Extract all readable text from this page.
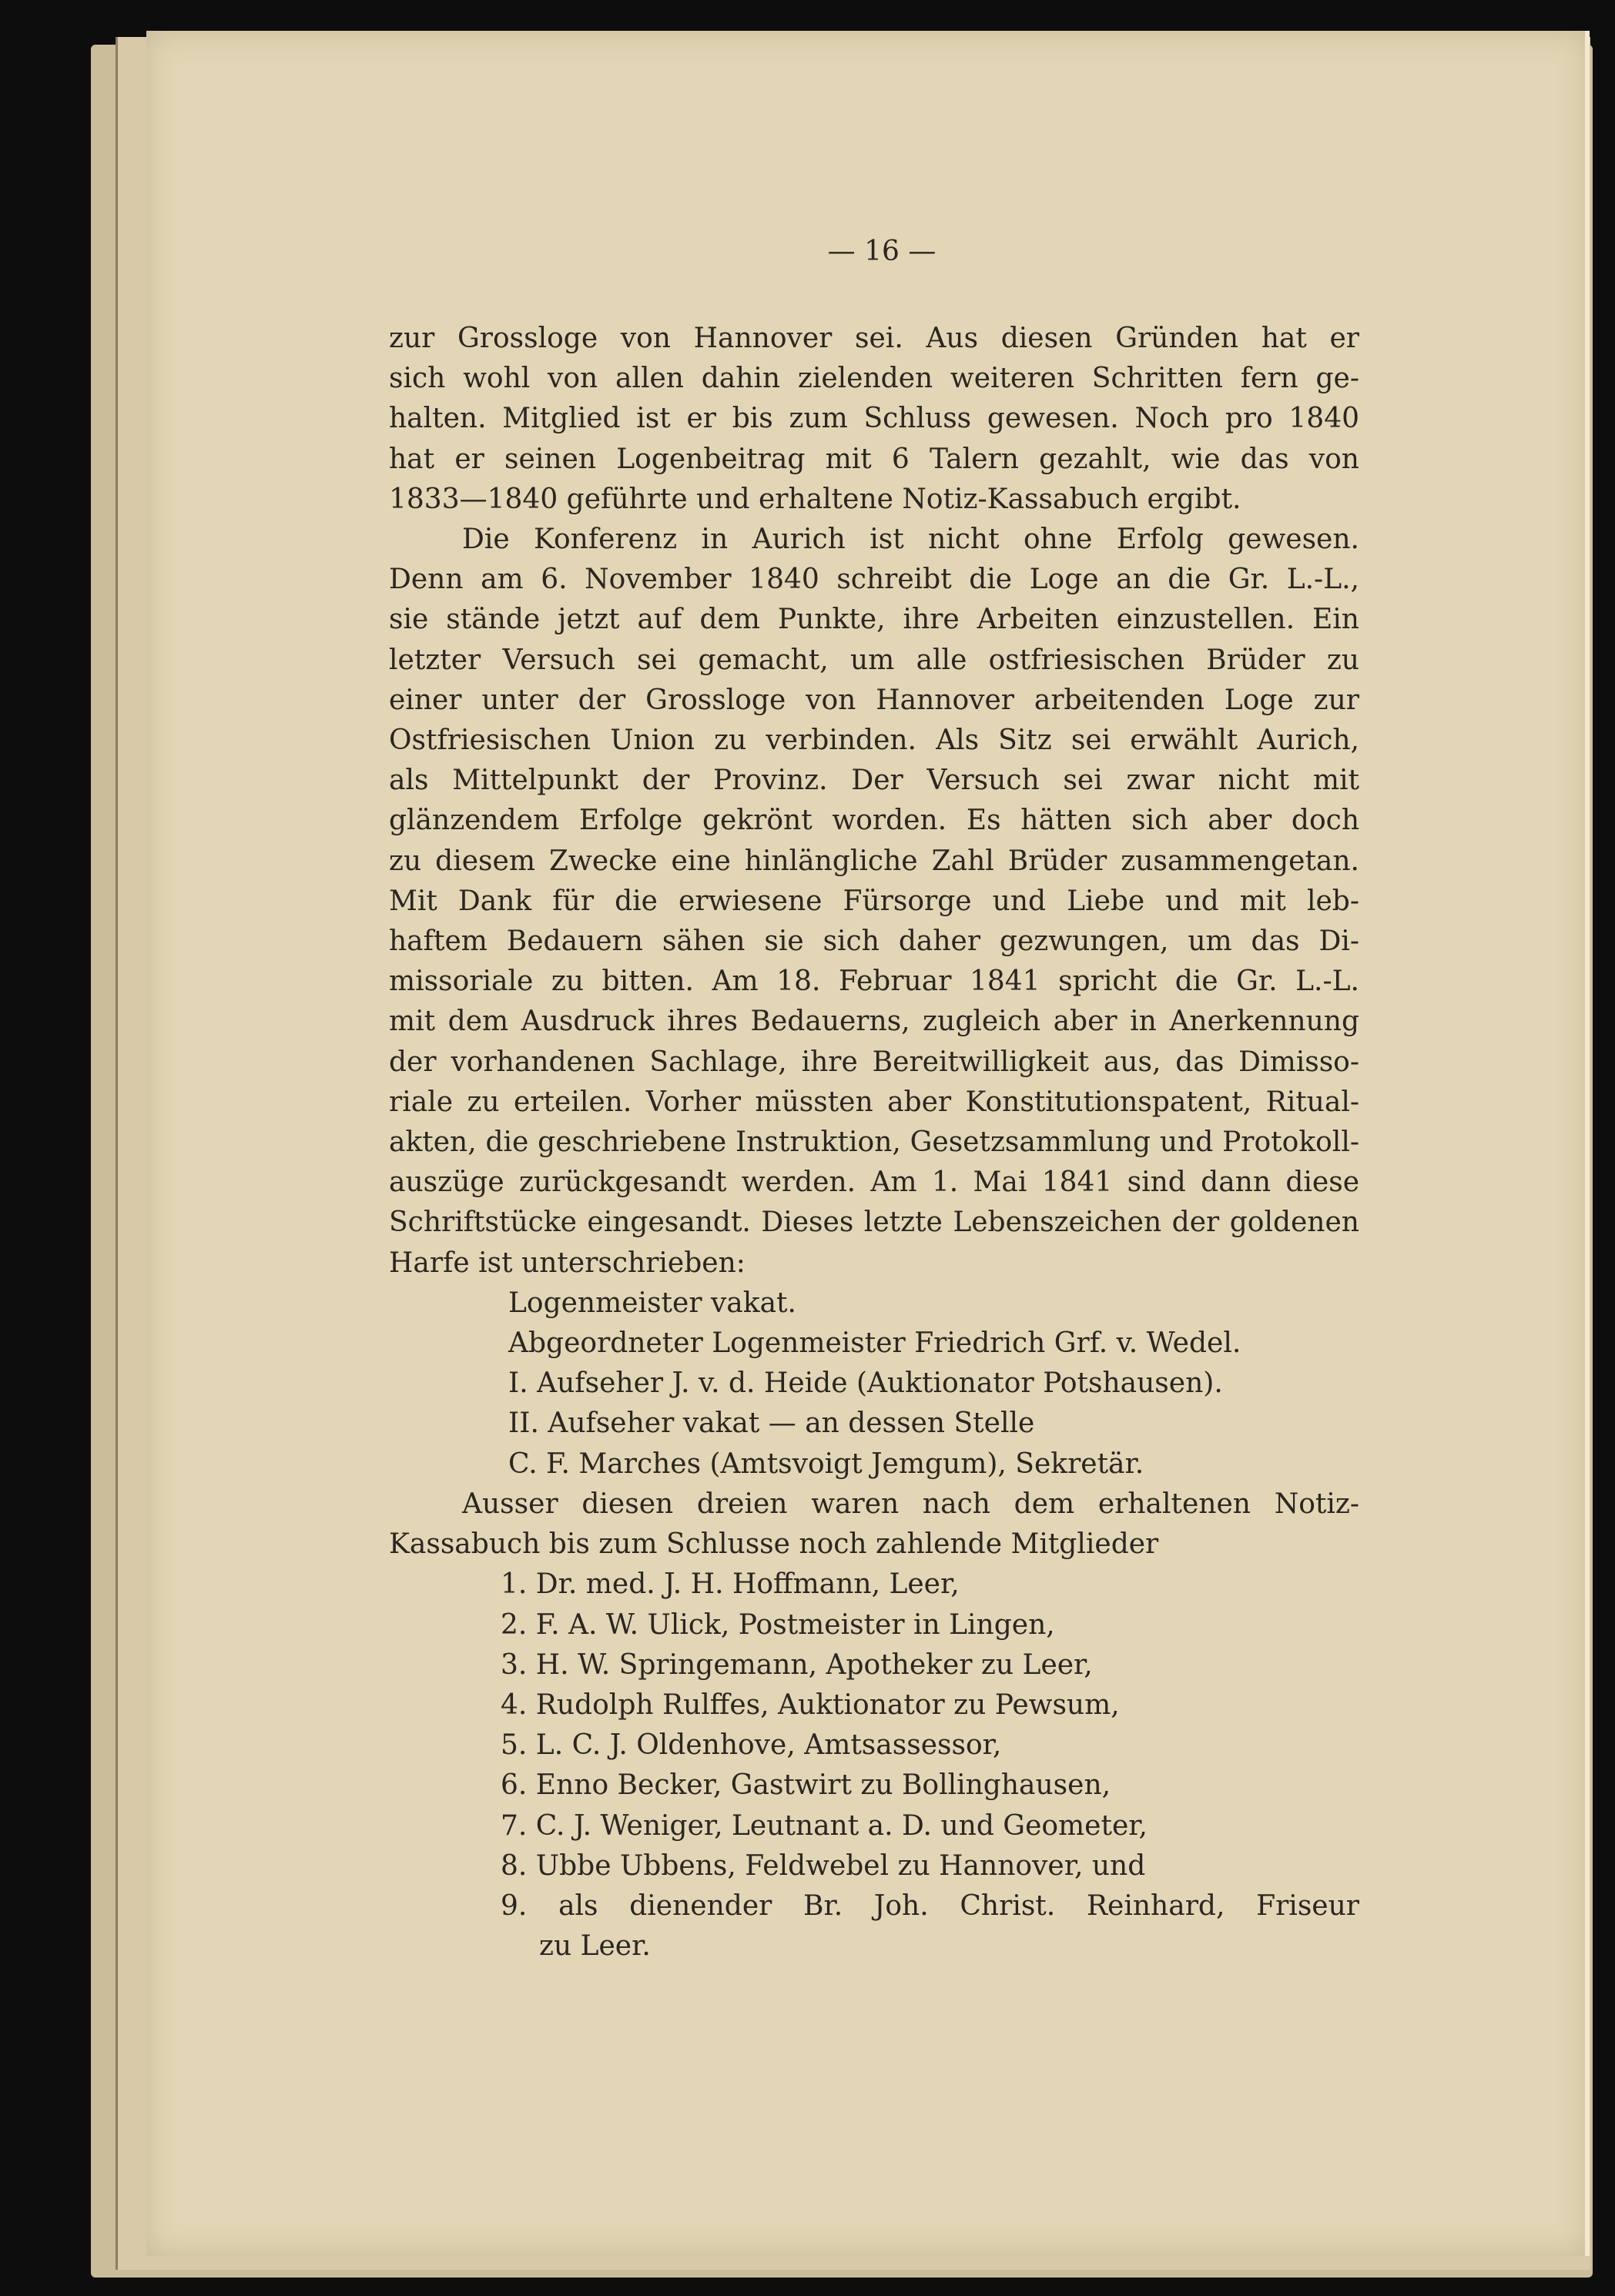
— 16 —
zur Grossloge von Hannover sei. Aus diesen Gründen hat er
sich wohl von allen dahin zielenden weiteren Schritten fern ge-
halten. Mitglied ist er bis zum Schluss gewesen. Noch pro 1840
hat er seinen Logenbeitrag mit 6 Talern gezahlt, wie das von
1833—1840 geführte und erhaltene Notiz-Kassabuch ergibt.
Die Konferenz in Aurich ist nicht ohne Erfolg gewesen.
Denn am 6. November 1840 schreibt die Loge an die Gr. L.-L.,
sie stände jetzt auf dem Punkte, ihre Arbeiten einzustellen. Ein
letzter Versuch sei gemacht, um alle ostfriesischen Brüder zu
einer unter der Grossloge von Hannover arbeitenden Loge zur
Ostfriesischen Union zu verbinden. Als Sitz sei erwählt Aurich,
als Mittelpunkt der Provinz. Der Versuch sei zwar nicht mit
glänzendem Erfolge gekrönt worden. Es hätten sich aber doch
zu diesem Zwecke eine hinlängliche Zahl Brüder zusammengetan.
Mit Dank für die erwiesene Fürsorge und Liebe und mit leb-
haftem Bedauern sähen sie sich daher gezwungen, um das Di-
missoriale zu bitten. Am 18. Februar 1841 spricht die Gr. L.-L.
mit dem Ausdruck ihres Bedauerns, zugleich aber in Anerkennung
der vorhandenen Sachlage, ihre Bereitwilligkeit aus, das Dimisso-
riale zu erteilen. Vorher müssten aber Konstitutionspatent, Ritual-
akten, die geschriebene Instruktion, Gesetzsammlung und Protokoll-
auszüge zurückgesandt werden. Am 1. Mai 1841 sind dann diese
Schriftstücke eingesandt. Dieses letzte Lebenszeichen der goldenen
Harfe ist unterschrieben:
Logenmeister vakat.
Abgeordneter Logenmeister Friedrich Grf. v. Wedel.
I. Aufseher J. v. d. Heide (Auktionator Potshausen).
II. Aufseher vakat — an dessen Stelle
C. F. Marches (Amtsvoigt Jemgum), Sekretär.
Ausser diesen dreien waren nach dem erhaltenen Notiz-
Kassabuch bis zum Schlusse noch zahlende Mitglieder
1. Dr. med. J. H. Hoffmann, Leer,
2. F. A. W. Ulick, Postmeister in Lingen,
3. H. W. Springemann, Apotheker zu Leer,
4. Rudolph Rulffes, Auktionator zu Pewsum,
5. L. C. J. Oldenhove, Amtsassessor,
6. Enno Becker, Gastwirt zu Bollinghausen,
7. C. J. Weniger, Leutnant a. D. und Geometer,
8. Ubbe Ubbens, Feldwebel zu Hannover, und
9. als dienender Br. Joh. Christ. Reinhard, Friseur
zu Leer.
